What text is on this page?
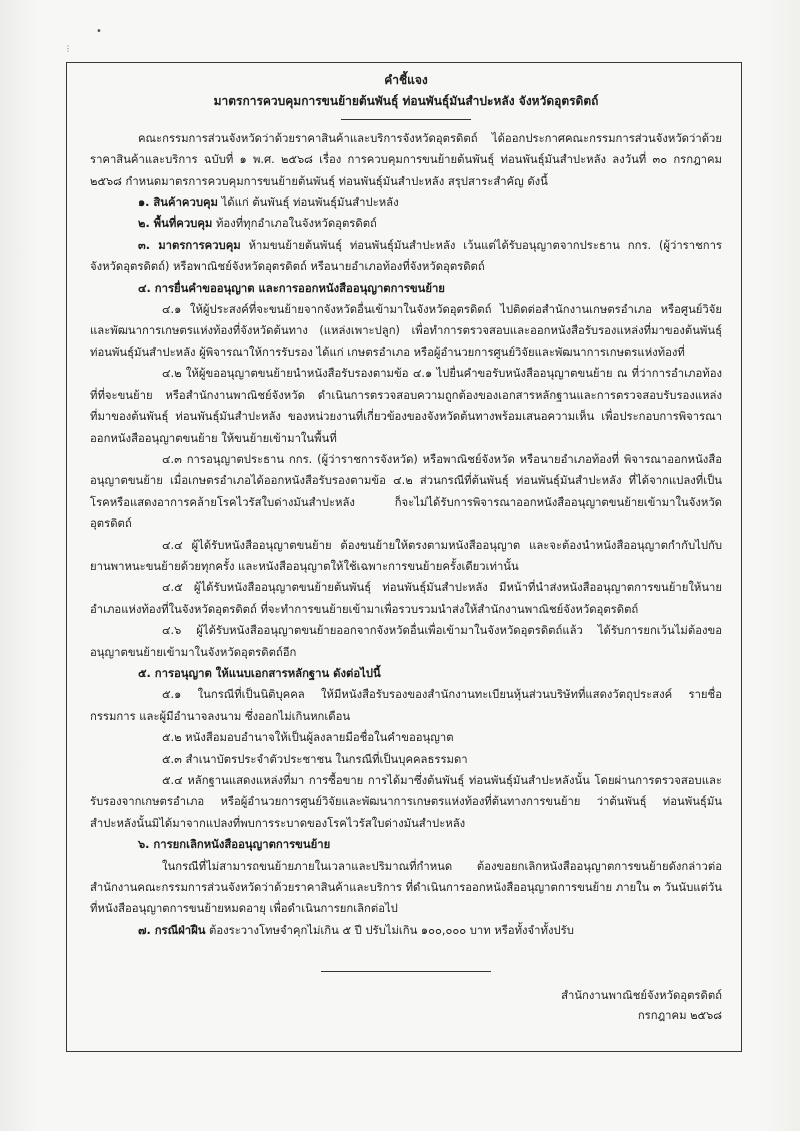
•
⋮
คำชี้แจง
มาตรการควบคุมการขนย้ายต้นพันธุ์ ท่อนพันธุ์มันสำปะหลัง จังหวัดอุตรดิตถ์
คณะกรรมการส่วนจังหวัดว่าด้วยราคาสินค้าและบริการจังหวัดอุตรดิตถ์ ได้ออกประกาศคณะกรรมการส่วนจังหวัดว่าด้วยราคาสินค้าและบริการ ฉบับที่ ๑ พ.ศ. ๒๕๖๘ เรื่อง การควบคุมการขนย้ายต้นพันธุ์ ท่อนพันธุ์มันสำปะหลัง ลงวันที่ ๓๐ กรกฎาคม ๒๕๖๘ กำหนดมาตรการควบคุมการขนย้ายต้นพันธุ์ ท่อนพันธุ์มันสำปะหลัง สรุปสาระสำคัญ ดังนี้
๑. สินค้าควบคุม ได้แก่ ต้นพันธุ์ ท่อนพันธุ์มันสำปะหลัง
๒. พื้นที่ควบคุม ท้องที่ทุกอำเภอในจังหวัดอุตรดิตถ์
๓. มาตรการควบคุม ห้ามขนย้ายต้นพันธุ์ ท่อนพันธุ์มันสำปะหลัง เว้นแต่ได้รับอนุญาตจากประธาน กกร. (ผู้ว่าราชการจังหวัดอุตรดิตถ์) หรือพาณิชย์จังหวัดอุตรดิตถ์ หรือนายอำเภอท้องที่จังหวัดอุตรดิตถ์
๔. การยื่นคำขออนุญาต และการออกหนังสืออนุญาตการขนย้าย
๔.๑ ให้ผู้ประสงค์ที่จะขนย้ายจากจังหวัดอื่นเข้ามาในจังหวัดอุตรดิตถ์ ไปติดต่อสำนักงานเกษตรอำเภอ หรือศูนย์วิจัยและพัฒนาการเกษตรแห่งท้องที่จังหวัดต้นทาง (แหล่งเพาะปลูก) เพื่อทำการตรวจสอบและออกหนังสือรับรองแหล่งที่มาของต้นพันธุ์ ท่อนพันธุ์มันสำปะหลัง ผู้พิจารณาให้การรับรอง ได้แก่ เกษตรอำเภอ หรือผู้อำนวยการศูนย์วิจัยและพัฒนาการเกษตรแห่งท้องที่
๔.๒ ให้ผู้ขออนุญาตขนย้ายนำหนังสือรับรองตามข้อ ๔.๑ ไปยื่นคำขอรับหนังสืออนุญาตขนย้าย ณ ที่ว่าการอำเภอท้องที่ที่จะขนย้าย หรือสำนักงานพาณิชย์จังหวัด ดำเนินการตรวจสอบความถูกต้องของเอกสารหลักฐานและการตรวจสอบรับรองแหล่งที่มาของต้นพันธุ์ ท่อนพันธุ์มันสำปะหลัง ของหน่วยงานที่เกี่ยวข้องของจังหวัดต้นทางพร้อมเสนอความเห็น เพื่อประกอบการพิจารณาออกหนังสืออนุญาตขนย้าย ให้ขนย้ายเข้ามาในพื้นที่
๔.๓ การอนุญาตประธาน กกร. (ผู้ว่าราชการจังหวัด) หรือพาณิชย์จังหวัด หรือนายอำเภอท้องที่ พิจารณาออกหนังสืออนุญาตขนย้าย เมื่อเกษตรอำเภอได้ออกหนังสือรับรองตามข้อ ๔.๒ ส่วนกรณีที่ต้นพันธุ์ ท่อนพันธุ์มันสำปะหลัง ที่ได้จากแปลงที่เป็นโรคหรือแสดงอาการคล้ายโรคไวรัสใบด่างมันสำปะหลัง ก็จะไม่ได้รับการพิจารณาออกหนังสืออนุญาตขนย้ายเข้ามาในจังหวัดอุตรดิตถ์
๔.๔ ผู้ได้รับหนังสืออนุญาตขนย้าย ต้องขนย้ายให้ตรงตามหนังสืออนุญาต และจะต้องนำหนังสืออนุญาตกำกับไปกับยานพาหนะขนย้ายด้วยทุกครั้ง และหนังสืออนุญาตให้ใช้เฉพาะการขนย้ายครั้งเดียวเท่านั้น
๔.๕ ผู้ได้รับหนังสืออนุญาตขนย้ายต้นพันธุ์ ท่อนพันธุ์มันสำปะหลัง มีหน้าที่นำส่งหนังสืออนุญาตการขนย้ายให้นายอำเภอแห่งท้องที่ในจังหวัดอุตรดิตถ์ ที่จะทำการขนย้ายเข้ามาเพื่อรวบรวมนำส่งให้สำนักงานพาณิชย์จังหวัดอุตรดิตถ์
๔.๖ ผู้ได้รับหนังสืออนุญาตขนย้ายออกจากจังหวัดอื่นเพื่อเข้ามาในจังหวัดอุตรดิตถ์แล้ว ได้รับการยกเว้นไม่ต้องขออนุญาตขนย้ายเข้ามาในจังหวัดอุตรดิตถ์อีก
๕. การอนุญาต ให้แนบเอกสารหลักฐาน ดังต่อไปนี้
๕.๑ ในกรณีที่เป็นนิติบุคคล ให้มีหนังสือรับรองของสำนักงานทะเบียนหุ้นส่วนบริษัทที่แสดงวัตถุประสงค์ รายชื่อกรรมการ และผู้มีอำนาจลงนาม ซึ่งออกไม่เกินหกเดือน
๕.๒ หนังสือมอบอำนาจให้เป็นผู้ลงลายมือชื่อในคำขออนุญาต
๕.๓ สำเนาบัตรประจำตัวประชาชน ในกรณีที่เป็นบุคคลธรรมดา
๕.๔ หลักฐานแสดงแหล่งที่มา การซื้อขาย การได้มาซึ่งต้นพันธุ์ ท่อนพันธุ์มันสำปะหลังนั้น โดยผ่านการตรวจสอบและรับรองจากเกษตรอำเภอ หรือผู้อำนวยการศูนย์วิจัยและพัฒนาการเกษตรแห่งท้องที่ต้นทางการขนย้าย ว่าต้นพันธุ์ ท่อนพันธุ์มันสำปะหลังนั้นมิได้มาจากแปลงที่พบการระบาดของโรคไวรัสใบด่างมันสำปะหลัง
๖. การยกเลิกหนังสืออนุญาตการขนย้าย
ในกรณีที่ไม่สามารถขนย้ายภายในเวลาและปริมาณที่กำหนด ต้องขอยกเลิกหนังสืออนุญาตการขนย้ายดังกล่าวต่อสำนักงานคณะกรรมการส่วนจังหวัดว่าด้วยราคาสินค้าและบริการ ที่ดำเนินการออกหนังสืออนุญาตการขนย้าย ภายใน ๓ วันนับแต่วันที่หนังสืออนุญาตการขนย้ายหมดอายุ เพื่อดำเนินการยกเลิกต่อไป
๗. กรณีฝ่าฝืน ต้องระวางโทษจำคุกไม่เกิน ๕ ปี ปรับไม่เกิน ๑๐๐,๐๐๐ บาท หรือทั้งจำทั้งปรับ
สำนักงานพาณิชย์จังหวัดอุตรดิตถ์
กรกฎาคม ๒๕๖๘
